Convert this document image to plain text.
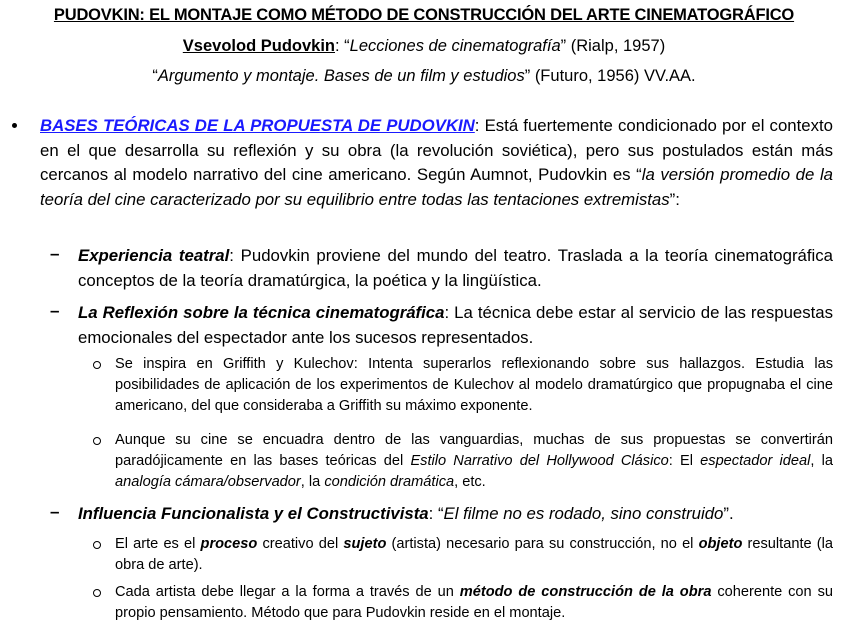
PUDOVKIN: EL MONTAJE COMO MÉTODO DE CONSTRUCCIÓN DEL ARTE CINEMATOGRÁFICO
Vsevolod Pudovkin: “Lecciones de cinematografía” (Rialp, 1957)
“Argumento y montaje. Bases de un film y estudios” (Futuro, 1956) VV.AA.
BASES TEÓRICAS DE LA PROPUESTA DE PUDOVKIN: Está fuertemente condicionado por el contexto en el que desarrolla su reflexión y su obra (la revolución soviética), pero sus postulados están más cercanos al modelo narrativo del cine americano. Según Aumnot, Pudovkin es “la versión promedio de la teoría del cine caracterizado por su equilibrio entre todas las tentaciones extremistas”:
– Experiencia teatral: Pudovkin proviene del mundo del teatro. Traslada a la teoría cinematográfica conceptos de la teoría dramatúrgica, la poética y la lingüística.
– La Reflexión sobre la técnica cinematográfica: La técnica debe estar al servicio de las respuestas emocionales del espectador ante los sucesos representados.
Se inspira en Griffith y Kulechov: Intenta superarlos reflexionando sobre sus hallazgos. Estudia las posibilidades de aplicación de los experimentos de Kulechov al modelo dramatúrgico que propugnaba el cine americano, del que consideraba a Griffith su máximo exponente.
Aunque su cine se encuadra dentro de las vanguardias, muchas de sus propuestas se convertirán paradójicamente en las bases teóricas del Estilo Narrativo del Hollywood Clásico: El espectador ideal, la analogía cámara/observador, la condición dramática, etc.
– Influencia Funcionalista y el Constructivista: “El filme no es rodado, sino construido”.
El arte es el proceso creativo del sujeto (artista) necesario para su construcción, no el objeto resultante (la obra de arte).
Cada artista debe llegar a la forma a través de un método de construcción de la obra coherente con su propio pensamiento. Método que para Pudovkin reside en el montaje.
